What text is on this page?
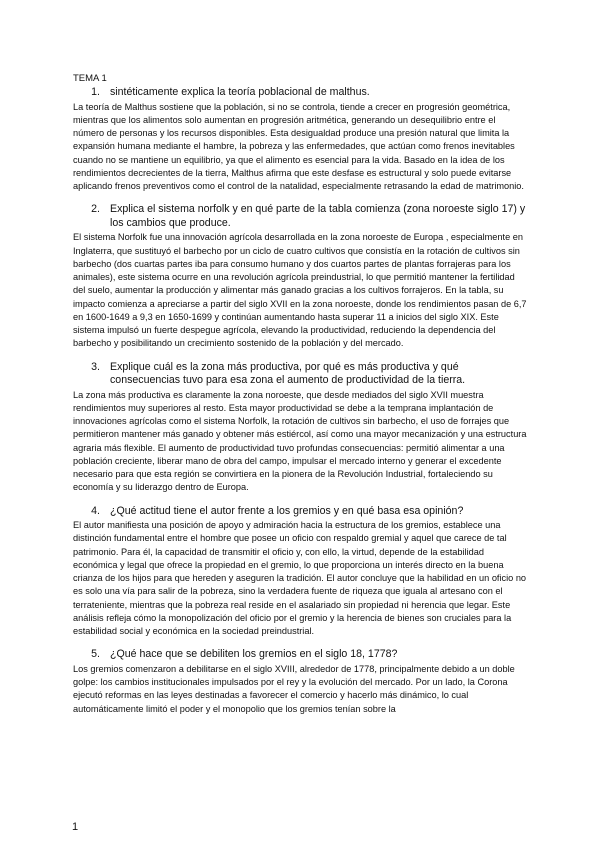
TEMA 1
1. sintéticamente explica la teoría poblacional de malthus.

La teoría de Malthus sostiene que la población, si no se controla, tiende a crecer en progresión geométrica, mientras que los alimentos solo aumentan en progresión aritmética, generando un desequilibrio entre el número de personas y los recursos disponibles. Esta desigualdad produce una presión natural que limita la expansión humana mediante el hambre, la pobreza y las enfermedades, que actúan como frenos inevitables cuando no se mantiene un equilibrio, ya que el alimento es esencial para la vida. Basado en la idea de los rendimientos decrecientes de la tierra, Malthus afirma que este desfase es estructural y solo puede evitarse aplicando frenos preventivos como el control de la natalidad, especialmente retrasando la edad de matrimonio.

2. Explica el sistema norfolk y en qué parte de la tabla comienza (zona noroeste siglo 17) y los cambios que produce.

El sistema Norfolk fue una innovación agrícola desarrollada en la zona noroeste de Europa , especialmente en Inglaterra, que sustituyó el barbecho por un ciclo de cuatro cultivos que consistía en la rotación de cultivos sin barbecho (dos cuartas partes iba para consumo humano y dos cuartos partes de plantas forrajeras para los animales), este sistema ocurre en una revolución agrícola preindustrial, lo que permitió mantener la fertilidad del suelo, aumentar la producción y alimentar más ganado gracias a los cultivos forrajeros. En la tabla, su impacto comienza a apreciarse a partir del siglo XVII en la zona noroeste, donde los rendimientos pasan de 6,7 en 1600-1649 a 9,3 en 1650-1699 y continúan aumentando hasta superar 11 a inicios del siglo XIX. Este sistema impulsó un fuerte despegue agrícola, elevando la productividad, reduciendo la dependencia del barbecho y posibilitando un crecimiento sostenido de la población y del mercado.

3. Explique cuál es la zona más productiva, por qué es más productiva y qué consecuencias tuvo para esa zona el aumento de productividad de la tierra.

La zona más productiva es claramente la zona noroeste, que desde mediados del siglo XVII muestra rendimientos muy superiores al resto. Esta mayor productividad se debe a la temprana implantación de innovaciones agrícolas como el sistema Norfolk, la rotación de cultivos sin barbecho, el uso de forrajes que permitieron mantener más ganado y obtener más estiércol, así como una mayor mecanización y una estructura agraria más flexible. El aumento de productividad tuvo profundas consecuencias: permitió alimentar a una población creciente, liberar mano de obra del campo, impulsar el mercado interno y generar el excedente necesario para que esta región se convirtiera en la pionera de la Revolución Industrial, fortaleciendo su economía y su liderazgo dentro de Europa.

4. ¿Qué actitud tiene el autor frente a los gremios y en qué basa esa opinión?

El autor manifiesta una posición de apoyo y admiración hacia la estructura de los gremios, establece una distinción fundamental entre el hombre que posee un oficio con respaldo gremial y aquel que carece de tal patrimonio. Para él, la capacidad de transmitir el oficio y, con ello, la virtud, depende de la estabilidad económica y legal que ofrece la propiedad en el gremio, lo que proporciona un interés directo en la buena crianza de los hijos para que hereden y aseguren la tradición. El autor concluye que la habilidad en un oficio no es solo una vía para salir de la pobreza, sino la verdadera fuente de riqueza que iguala al artesano con el terrateniente, mientras que la pobreza real reside en el asalariado sin propiedad ni herencia que legar. Este análisis refleja cómo la monopolización del oficio por el gremio y la herencia de bienes son cruciales para la estabilidad social y económica en la sociedad preindustrial.

5. ¿Qué hace que se debiliten los gremios en el siglo 18, 1778?

Los gremios comenzaron a debilitarse en el siglo XVIII, alrededor de 1778, principalmente debido a un doble golpe: los cambios institucionales impulsados por el rey y la evolución del mercado. Por un lado, la Corona ejecutó reformas en las leyes destinadas a favorecer el comercio y hacerlo más dinámico, lo cual automáticamente limitó el poder y el monopolio que los gremios tenían sobre la

1
